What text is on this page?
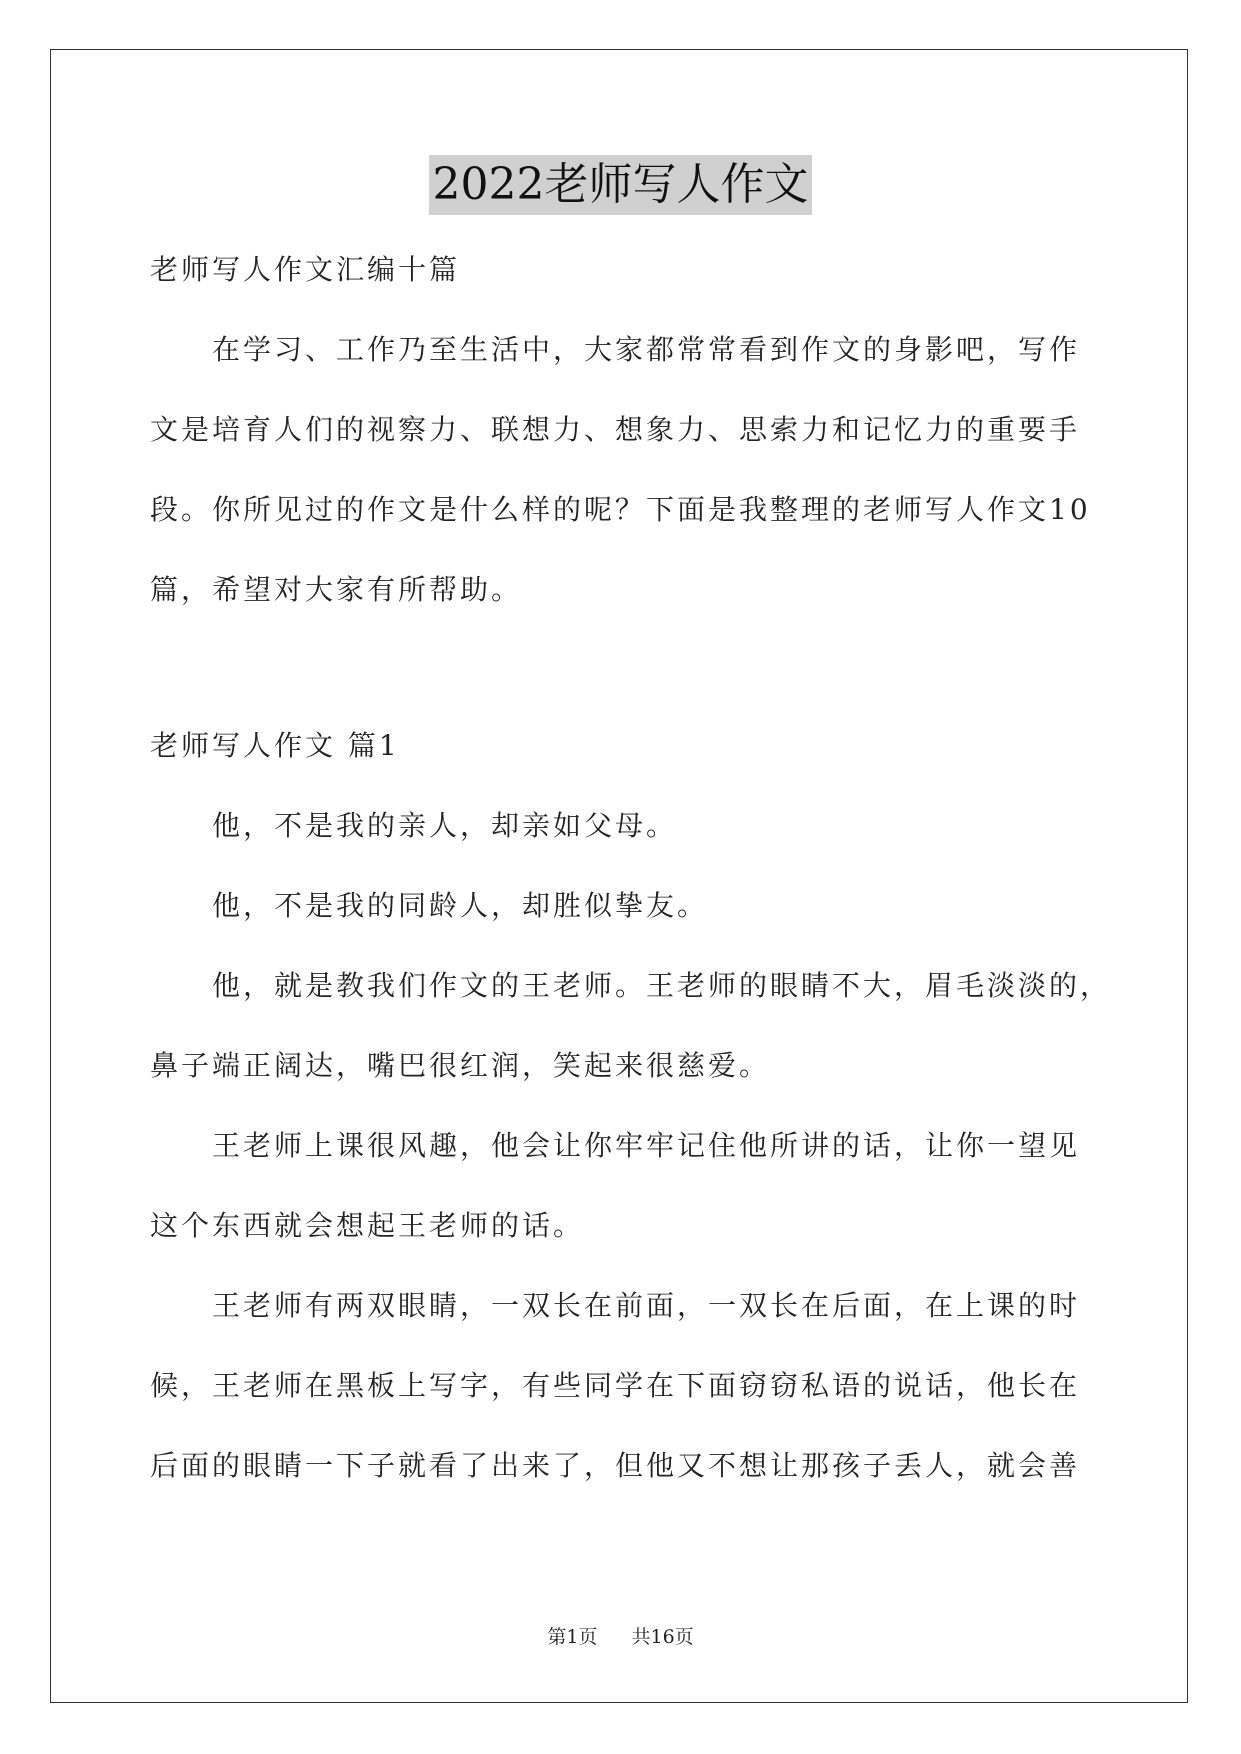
2022老师写人作文
老师写人作文汇编十篇
在学习、工作乃至生活中，大家都常常看到作文的身影吧，写作
文是培育人们的视察力、联想力、想象力、思索力和记忆力的重要手
段。你所见过的作文是什么样的呢？下面是我整理的老师写人作文10
篇，希望对大家有所帮助。
老师写人作文 篇1
他，不是我的亲人，却亲如父母。
他，不是我的同龄人，却胜似挚友。
他，就是教我们作文的王老师。王老师的眼睛不大，眉毛淡淡的，
鼻子端正阔达，嘴巴很红润，笑起来很慈爱。
王老师上课很风趣，他会让你牢牢记住他所讲的话，让你一望见
这个东西就会想起王老师的话。
王老师有两双眼睛，一双长在前面，一双长在后面，在上课的时
候，王老师在黑板上写字，有些同学在下面窃窃私语的说话，他长在
后面的眼睛一下子就看了出来了，但他又不想让那孩子丢人，就会善
第1页 共16页
